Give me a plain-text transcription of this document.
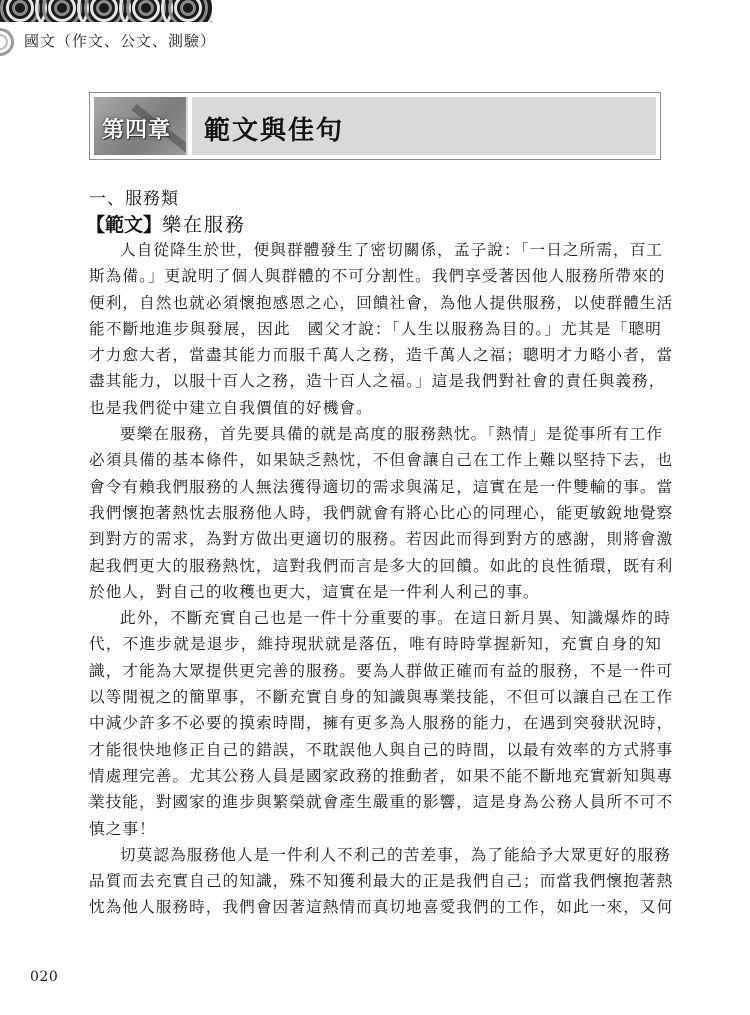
國文（作文、公文、測驗）
第四章 範文與佳句
一、服務類
【範文】樂在服務
人自從降生於世，便與群體發生了密切關係，孟子說：「一日之所需，百工
斯為備。」更說明了個人與群體的不可分割性。我們享受著因他人服務所帶來的
便利，自然也就必須懷抱感恩之心，回饋社會，為他人提供服務，以使群體生活
能不斷地進步與發展，因此　國父才說：「人生以服務為目的。」尤其是「聰明
才力愈大者，當盡其能力而服千萬人之務，造千萬人之福；聰明才力略小者，當
盡其能力，以服十百人之務，造十百人之福。」這是我們對社會的責任與義務，
也是我們從中建立自我價值的好機會。
要樂在服務，首先要具備的就是高度的服務熱忱。「熱情」是從事所有工作
必須具備的基本條件，如果缺乏熱忱，不但會讓自己在工作上難以堅持下去，也
會令有賴我們服務的人無法獲得適切的需求與滿足，這實在是一件雙輸的事。當
我們懷抱著熱忱去服務他人時，我們就會有將心比心的同理心，能更敏銳地覺察
到對方的需求，為對方做出更適切的服務。若因此而得到對方的感謝，則將會激
起我們更大的服務熱忱，這對我們而言是多大的回饋。如此的良性循環，既有利
於他人，對自己的收穫也更大，這實在是一件利人利己的事。
此外，不斷充實自己也是一件十分重要的事。在這日新月異、知識爆炸的時
代，不進步就是退步，維持現狀就是落伍，唯有時時掌握新知，充實自身的知
識，才能為大眾提供更完善的服務。要為人群做正確而有益的服務，不是一件可
以等閒視之的簡單事，不斷充實自身的知識與專業技能，不但可以讓自己在工作
中減少許多不必要的摸索時間，擁有更多為人服務的能力，在遇到突發狀況時，
才能很快地修正自己的錯誤，不耽誤他人與自己的時間，以最有效率的方式將事
情處理完善。尤其公務人員是國家政務的推動者，如果不能不斷地充實新知與專
業技能，對國家的進步與繁榮就會產生嚴重的影響，這是身為公務人員所不可不
慎之事！
切莫認為服務他人是一件利人不利己的苦差事，為了能給予大眾更好的服務
品質而去充實自己的知識，殊不知獲利最大的正是我們自己；而當我們懷抱著熱
忱為他人服務時，我們會因著這熱情而真切地喜愛我們的工作，如此一來，又何
020
